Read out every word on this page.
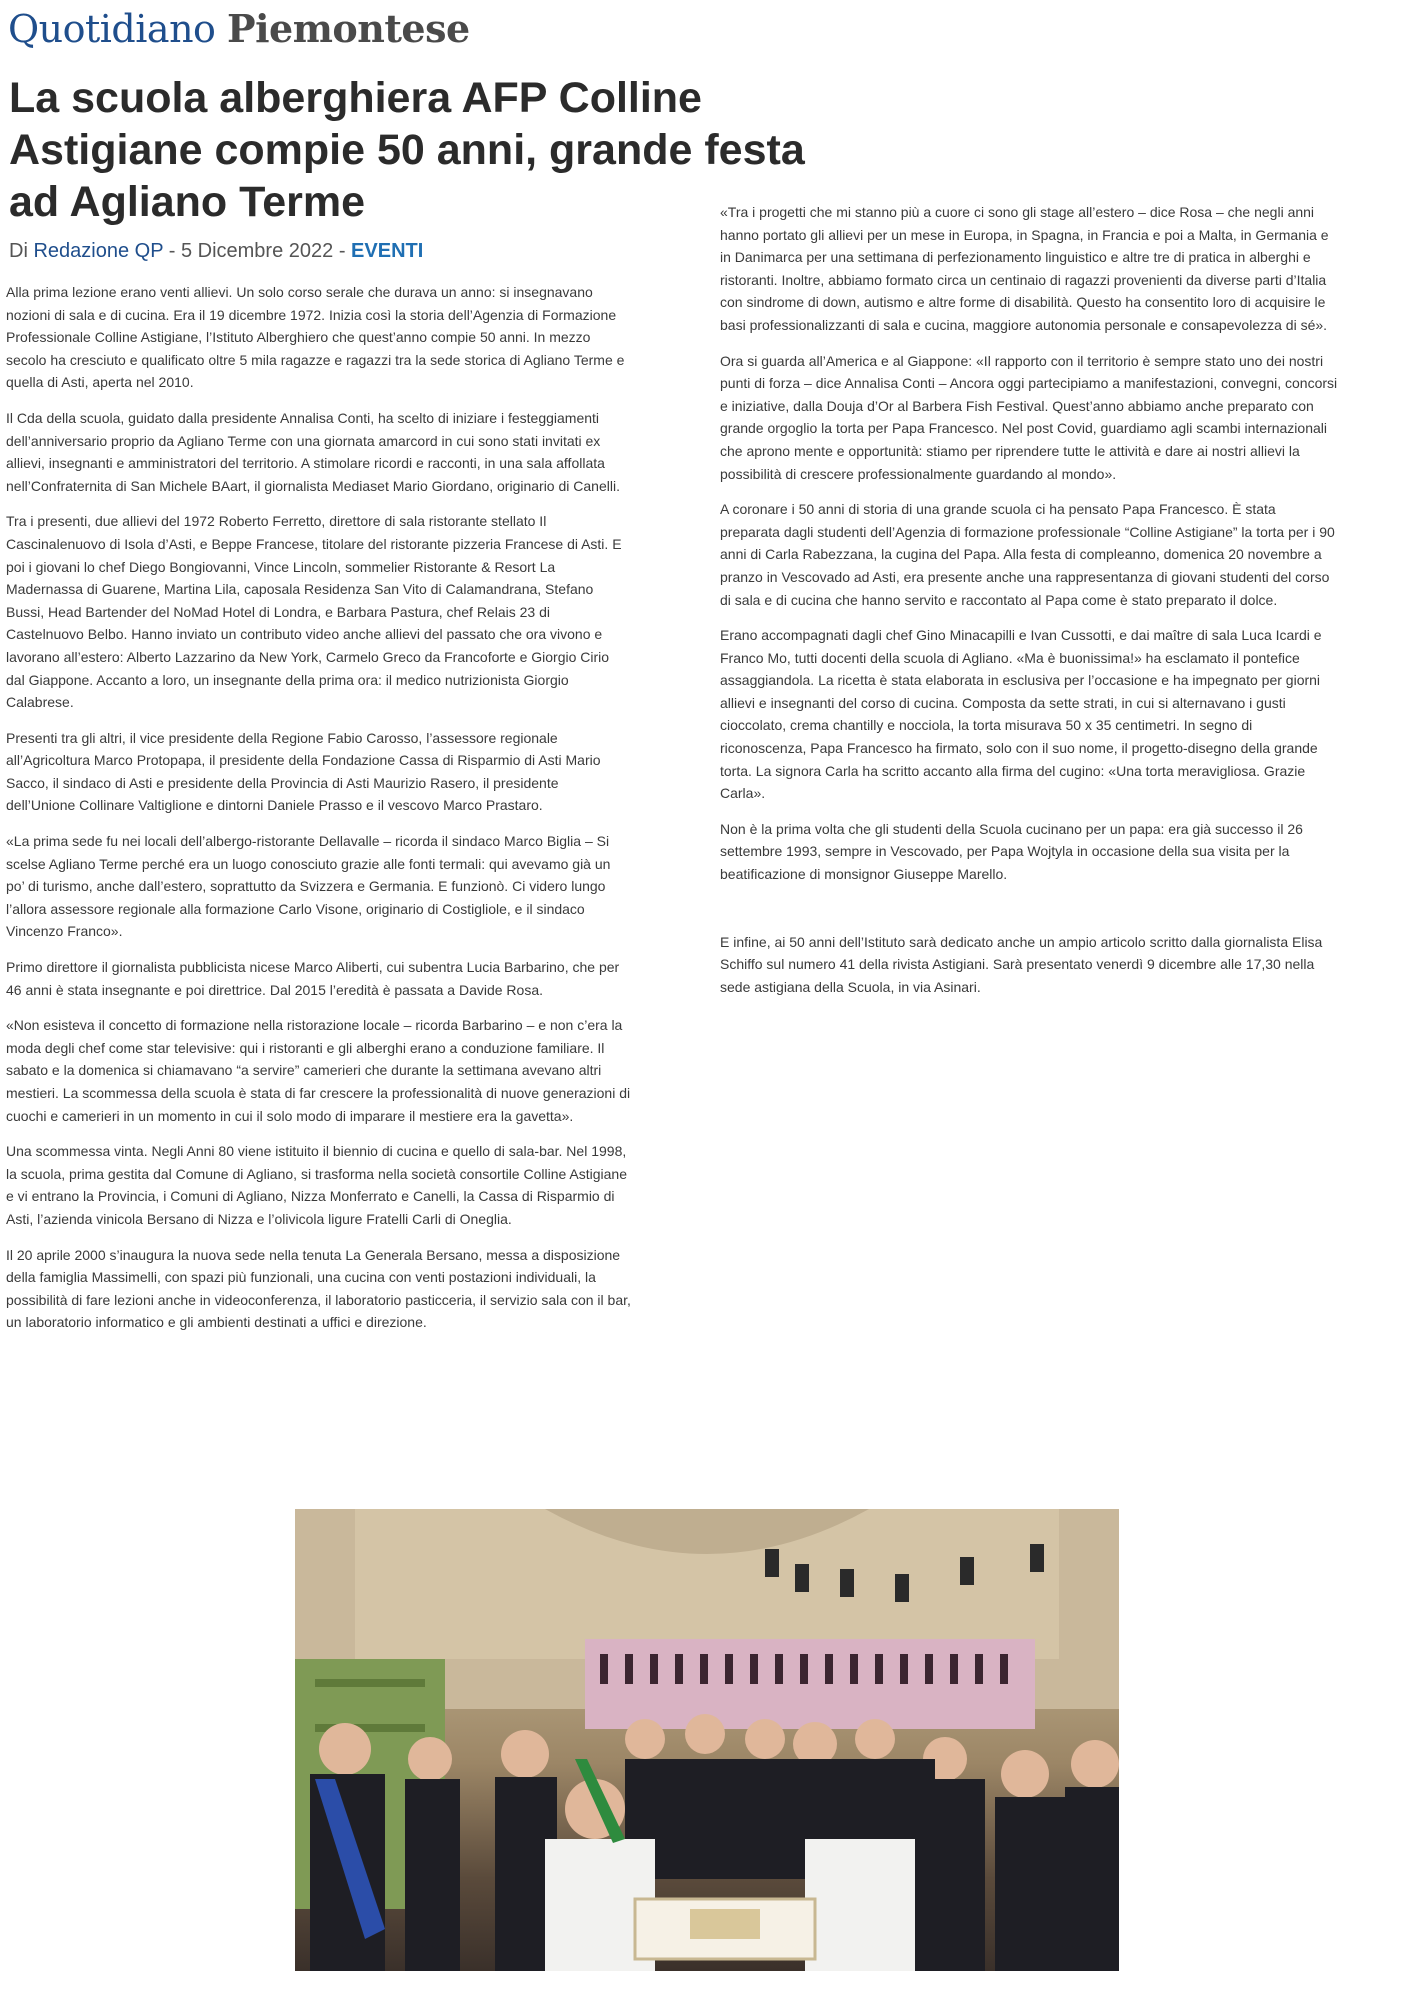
Quotidiano Piemontese
La scuola alberghiera AFP Colline Astigiane compie 50 anni, grande festa ad Agliano Terme
Di Redazione QP - 5 Dicembre 2022 - EVENTI

Alla prima lezione erano venti allievi. Un solo corso serale che durava un anno: si insegnavano nozioni di sala e di cucina. Era il 19 dicembre 1972. Inizia così la storia dell’Agenzia di Formazione Professionale Colline Astigiane, l’Istituto Alberghiero che quest’anno compie 50 anni. In mezzo secolo ha cresciuto e qualificato oltre 5 mila ragazze e ragazzi tra la sede storica di Agliano Terme e quella di Asti, aperta nel 2010.

Il Cda della scuola, guidato dalla presidente Annalisa Conti, ha scelto di iniziare i festeggiamenti dell’anniversario proprio da Agliano Terme con una giornata amarcord in cui sono stati invitati ex allievi, insegnanti e amministratori del territorio. A stimolare ricordi e racconti, in una sala affollata nell’Confraternita di San Michele BAart, il giornalista Mediaset Mario Giordano, originario di Canelli.

Tra i presenti, due allievi del 1972 Roberto Ferretto, direttore di sala ristorante stellato Il Cascinalenuovo di Isola d’Asti, e Beppe Francese, titolare del ristorante pizzeria Francese di Asti. E poi i giovani lo chef Diego Bongiovanni, Vince Lincoln, sommelier Ristorante & Resort La Madernassa di Guarene, Martina Lila, caposala Residenza San Vito di Calamandrana, Stefano Bussi, Head Bartender del NoMad Hotel di Londra, e Barbara Pastura, chef Relais 23 di Castelnuovo Belbo. Hanno inviato un contributo video anche allievi del passato che ora vivono e lavorano all’estero: Alberto Lazzarino da New York, Carmelo Greco da Francoforte e Giorgio Cirio dal Giappone. Accanto a loro, un insegnante della prima ora: il medico nutrizionista Giorgio Calabrese.

Presenti tra gli altri, il vice presidente della Regione Fabio Carosso, l’assessore regionale all’Agricoltura Marco Protopapa, il presidente della Fondazione Cassa di Risparmio di Asti Mario Sacco, il sindaco di Asti e presidente della Provincia di Asti Maurizio Rasero, il presidente dell’Unione Collinare Valtiglione e dintorni Daniele Prasso e il vescovo Marco Prastaro.

«La prima sede fu nei locali dell’albergo-ristorante Dellavalle – ricorda il sindaco Marco Biglia – Si scelse Agliano Terme perché era un luogo conosciuto grazie alle fonti termali: qui avevamo già un po’ di turismo, anche dall’estero, soprattutto da Svizzera e Germania. E funzionò. Ci videro lungo l’allora assessore regionale alla formazione Carlo Visone, originario di Costigliole, e il sindaco Vincenzo Franco».

Primo direttore il giornalista pubblicista nicese Marco Aliberti, cui subentra Lucia Barbarino, che per 46 anni è stata insegnante e poi direttrice. Dal 2015 l’eredità è passata a Davide Rosa.

«Non esisteva il concetto di formazione nella ristorazione locale – ricorda Barbarino – e non c’era la moda degli chef come star televisive: qui i ristoranti e gli alberghi erano a conduzione familiare. Il sabato e la domenica si chiamavano “a servire” camerieri che durante la settimana avevano altri mestieri. La scommessa della scuola è stata di far crescere la professionalità di nuove generazioni di cuochi e camerieri in un momento in cui il solo modo di imparare il mestiere era la gavetta».

Una scommessa vinta. Negli Anni 80 viene istituito il biennio di cucina e quello di sala-bar. Nel 1998, la scuola, prima gestita dal Comune di Agliano, si trasforma nella società consortile Colline Astigiane e vi entrano la Provincia, i Comuni di Agliano, Nizza Monferrato e Canelli, la Cassa di Risparmio di Asti, l’azienda vinicola Bersano di Nizza e l’olivicola ligure Fratelli Carli di Oneglia.

Il 20 aprile 2000 s’inaugura la nuova sede nella tenuta La Generala Bersano, messa a disposizione della famiglia Massimelli, con spazi più funzionali, una cucina con venti postazioni individuali, la possibilità di fare lezioni anche in videoconferenza, il laboratorio pasticceria, il servizio sala con il bar, un laboratorio informatico e gli ambienti destinati a uffici e direzione.

«Tra i progetti che mi stanno più a cuore ci sono gli stage all’estero – dice Rosa – che negli anni hanno portato gli allievi per un mese in Europa, in Spagna, in Francia e poi a Malta, in Germania e in Danimarca per una settimana di perfezionamento linguistico e altre tre di pratica in alberghi e ristoranti. Inoltre, abbiamo formato circa un centinaio di ragazzi provenienti da diverse parti d’Italia con sindrome di down, autismo e altre forme di disabilità. Questo ha consentito loro di acquisire le basi professionalizzanti di sala e cucina, maggiore autonomia personale e consapevolezza di sé».

Ora si guarda all’America e al Giappone: «Il rapporto con il territorio è sempre stato uno dei nostri punti di forza – dice Annalisa Conti – Ancora oggi partecipiamo a manifestazioni, convegni, concorsi e iniziative, dalla Douja d’Or al Barbera Fish Festival. Quest’anno abbiamo anche preparato con grande orgoglio la torta per Papa Francesco. Nel post Covid, guardiamo agli scambi internazionali che aprono mente e opportunità: stiamo per riprendere tutte le attività e dare ai nostri allievi la possibilità di crescere professionalmente guardando al mondo».

A coronare i 50 anni di storia di una grande scuola ci ha pensato Papa Francesco. È stata preparata dagli studenti dell’Agenzia di formazione professionale “Colline Astigiane” la torta per i 90 anni di Carla Rabezzana, la cugina del Papa. Alla festa di compleanno, domenica 20 novembre a pranzo in Vescovado ad Asti, era presente anche una rappresentanza di giovani studenti del corso di sala e di cucina che hanno servito e raccontato al Papa come è stato preparato il dolce.

Erano accompagnati dagli chef Gino Minacapilli e Ivan Cussotti, e dai maître di sala Luca Icardi e Franco Mo, tutti docenti della scuola di Agliano. «Ma è buonissima!» ha esclamato il pontefice assaggiandola. La ricetta è stata elaborata in esclusiva per l’occasione e ha impegnato per giorni allievi e insegnanti del corso di cucina. Composta da sette strati, in cui si alternavano i gusti cioccolato, crema chantilly e nocciola, la torta misurava 50 x 35 centimetri. In segno di riconoscenza, Papa Francesco ha firmato, solo con il suo nome, il progetto-disegno della grande torta. La signora Carla ha scritto accanto alla firma del cugino: «Una torta meravigliosa. Grazie Carla».

Non è la prima volta che gli studenti della Scuola cucinano per un papa: era già successo il 26 settembre 1993, sempre in Vescovado, per Papa Wojtyla in occasione della sua visita per la beatificazione di monsignor Giuseppe Marello.

E infine, ai 50 anni dell’Istituto sarà dedicato anche un ampio articolo scritto dalla giornalista Elisa Schiffo sul numero 41 della rivista Astigiani. Sarà presentato venerdì 9 dicembre alle 17,30 nella sede astigiana della Scuola, in via Asinari.
